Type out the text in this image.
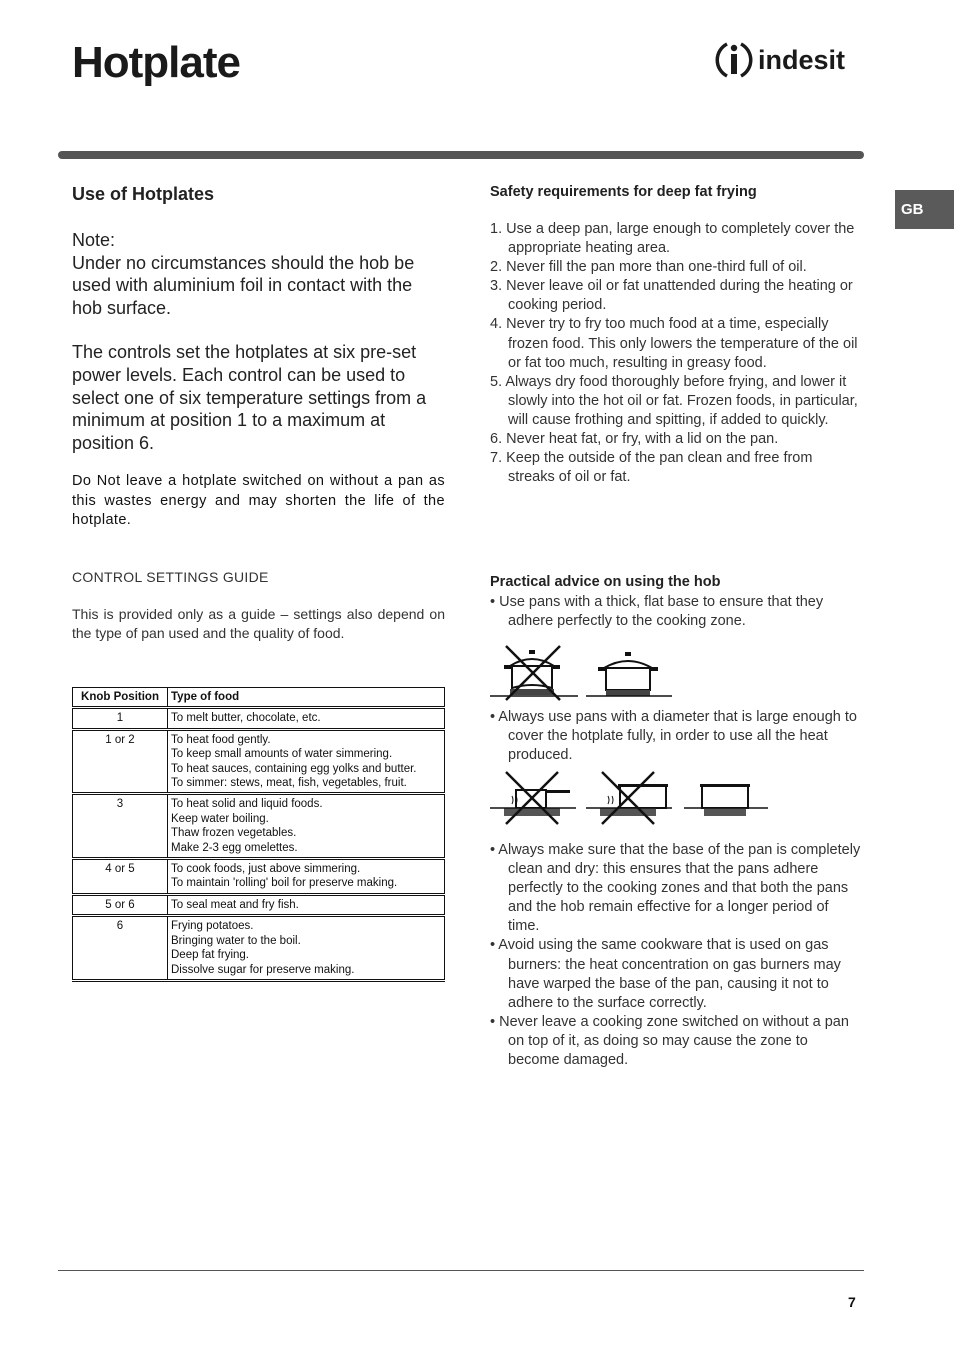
Hotplate	indesit
GB
Use of Hotplates

Note:
Under no circumstances should the hob be used with aluminium foil in contact with the hob surface.

The controls set the hotplates at six pre-set power levels. Each control can be used to select one of six temperature settings from a minimum at position 1 to a maximum at position 6.

Do Not leave a hotplate switched on without a pan as this wastes energy and may shorten the life of the hotplate.

CONTROL SETTINGS GUIDE

This is provided only as a guide – settings also depend on the type of pan used and the quality of food.

Knob Position	Type of food
1	To melt butter, chocolate, etc.
1 or 2	To heat food gently.
To keep small amounts of water simmering.
To heat sauces, containing egg yolks and butter.
To simmer: stews, meat, fish, vegetables, fruit.
3	To heat solid and liquid foods.
Keep water boiling.
Thaw frozen vegetables.
Make 2-3 egg omelettes.
4 or 5	To cook foods, just above simmering.
To maintain 'rolling' boil for preserve making.
5 or 6	To seal meat and fry fish.
6	Frying potatoes.
Bringing water to the boil.
Deep fat frying.
Dissolve sugar for preserve making.
Safety requirements for deep fat frying
1. Use a deep pan, large enough to completely cover the appropriate heating area.
2. Never fill the pan more than one-third full of oil.
3. Never leave oil or fat unattended during the heating or cooking period.
4. Never try to fry too much food at a time, especially frozen food. This only lowers the temperature of the oil or fat too much, resulting in greasy food.
5. Always dry food thoroughly before frying, and lower it slowly into the hot oil or fat. Frozen foods, in particular, will cause frothing and spitting, if added to quickly.
6. Never heat fat, or fry, with a lid on the pan.
7. Keep the outside of the pan clean and free from streaks of oil or fat.
Practical advice on using the hob
• Use pans with a thick, flat base to ensure that they adhere perfectly to the cooking zone.
• Always use pans with a diameter that is large enough to cover the hotplate fully, in order to use all the heat produced.
• Always make sure that the base of the pan is completely clean and dry: this ensures that the pans adhere perfectly to the cooking zones and that both the pans and the hob remain effective for a longer period of time.
• Avoid using the same cookware that is used on gas burners: the heat concentration on gas burners may have warped the base of the pan, causing it not to adhere to the surface correctly.
• Never leave a cooking zone switched on without a pan on top of it, as doing so may cause the zone to become damaged.
7
